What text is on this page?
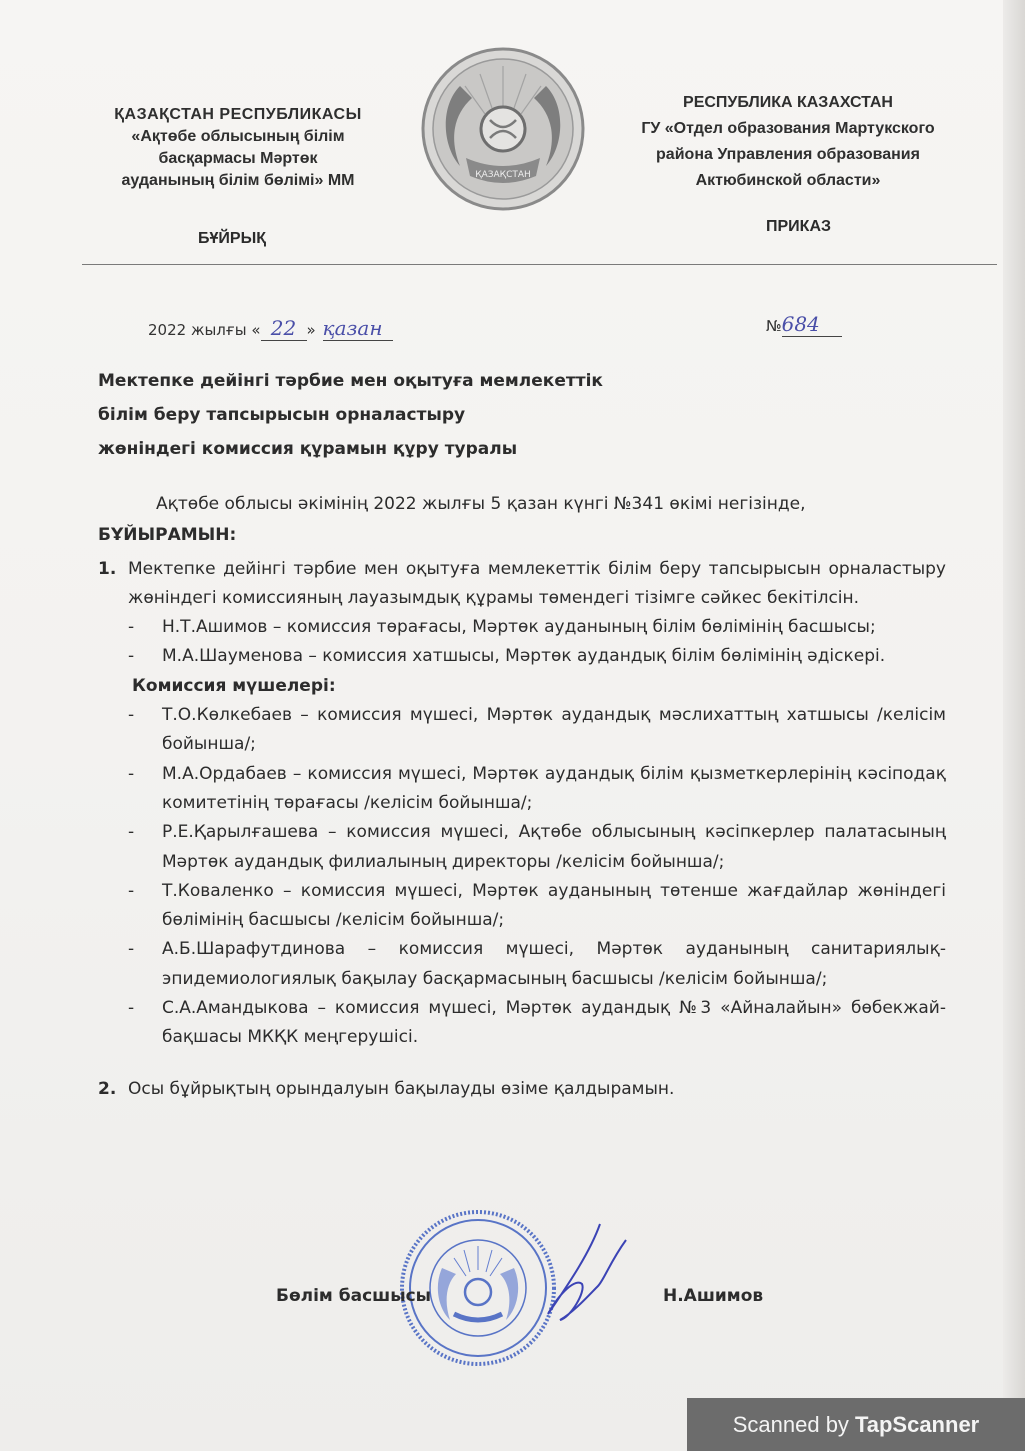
ҚАЗАҚСТАН РЕСПУБЛИКАСЫ
«Ақтөбе облысының білім
басқармасы Мәртөк
ауданының білім бөлімі» ММ
БҰЙРЫҚ
ҚАЗАҚСТАН
РЕСПУБЛИКА КАЗАХСТАН
ГУ «Отдел образования Мартукского
района Управления образования
Актюбинской области»
ПРИКАЗ
2022 жылғы « 22 » қазан	№684
Мектепке дейінгі тәрбие мен оқытуға мемлекеттік
білім беру тапсырысын орналастыру
жөніндегі комиссия құрамын құру туралы

Ақтөбе облысы әкімінің 2022 жылғы 5 қазан күнгі №341 өкімі негізінде,

БҰЙЫРАМЫН:
1. Мектепке дейінгі тәрбие мен оқытуға мемлекеттік білім беру тапсырысын орналастыру жөніндегі комиссияның лауазымдық құрамы төмендегі тізімге сәйкес бекітілсін.
-	Н.Т.Ашимов – комиссия төрағасы, Мәртөк ауданының білім бөлімінің басшысы;
-	М.А.Шауменова – комиссия хатшысы, Мәртөк аудандық білім бөлімінің әдіскері.
Комиссия мүшелері:
-	Т.О.Көлкебаев – комиссия мүшесі, Мәртөк аудандық мәслихаттың хатшысы /келісім бойынша/;
-	М.А.Ордабаев – комиссия мүшесі, Мәртөк аудандық білім қызметкерлерінің кәсіподақ комитетінің төрағасы /келісім бойынша/;
-	Р.Е.Қарылғашева – комиссия мүшесі, Ақтөбе облысының кәсіпкерлер палатасының Мәртөк аудандық филиалының директоры /келісім бойынша/;
-	Т.Коваленко – комиссия мүшесі, Мәртөк ауданының төтенше жағдайлар жөніндегі бөлімінің басшысы /келісім бойынша/;
-	А.Б.Шарафутдинова – комиссия мүшесі, Мәртөк ауданының санитариялық-эпидемиологиялық бақылау басқармасының басшысы /келісім бойынша/;
-	С.А.Амандыкова – комиссия мүшесі, Мәртөк аудандық №3 «Айналайын» бөбекжай- бақшасы МКҚК меңгерушісі.
2. Осы бұйрықтың орындалуын бақылауды өзіме қалдырамын.
Бөлім басшысы	Н.Ашимов
Scanned by TapScanner
